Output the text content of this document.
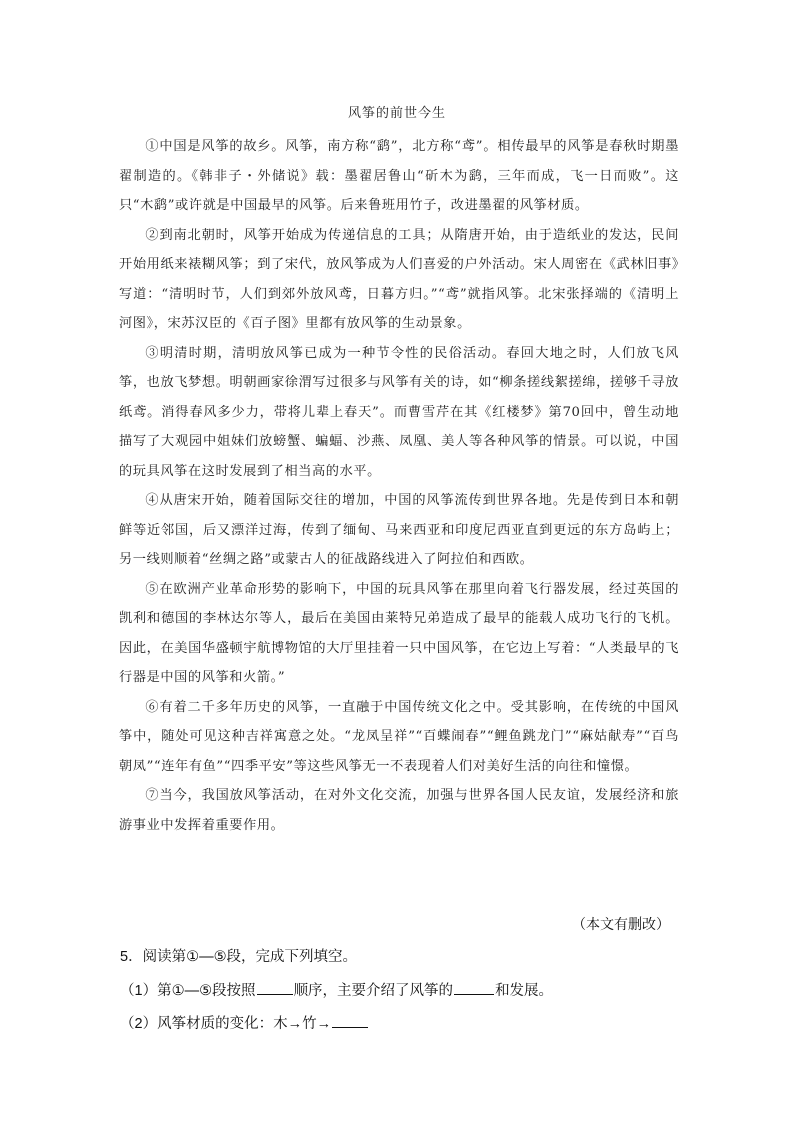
风筝的前世今生

①中国是风筝的故乡。风筝，南方称“鹞”，北方称“鸢”。相传最早的风筝是春秋时期墨翟制造的。《韩非子・外储说》载：墨翟居鲁山“斫木为鹞，三年而成，飞一日而败”。这只“木鹞”或许就是中国最早的风筝。后来鲁班用竹子，改进墨翟的风筝材质。

②到南北朝时，风筝开始成为传递信息的工具；从隋唐开始，由于造纸业的发达，民间开始用纸来裱糊风筝；到了宋代，放风筝成为人们喜爱的户外活动。宋人周密在《武林旧事》写道：“清明时节，人们到郊外放风鸢，日暮方归。”“鸢”就指风筝。北宋张择端的《清明上河图》，宋苏汉臣的《百子图》里都有放风筝的生动景象。

③明清时期，清明放风筝已成为一种节令性的民俗活动。春回大地之时，人们放飞风筝，也放飞梦想。明朝画家徐渭写过很多与风筝有关的诗，如“柳条搓线絮搓绵，搓够千寻放纸鸢。消得春风多少力，带将儿辈上春天”。而曹雪芹在其《红楼梦》第70回中，曾生动地描写了大观园中姐妹们放螃蟹、蝙蝠、沙燕、凤凰、美人等各种风筝的情景。可以说，中国的玩具风筝在这时发展到了相当高的水平。

④从唐宋开始，随着国际交往的增加，中国的风筝流传到世界各地。先是传到日本和朝鲜等近邻国，后又漂洋过海，传到了缅甸、马来西亚和印度尼西亚直到更远的东方岛屿上；另一线则顺着“丝绸之路”或蒙古人的征战路线进入了阿拉伯和西欧。

⑤在欧洲产业革命形势的影响下，中国的玩具风筝在那里向着飞行器发展，经过英国的凯利和德国的李林达尔等人，最后在美国由莱特兄弟造成了最早的能载人成功飞行的飞机。因此，在美国华盛顿宇航博物馆的大厅里挂着一只中国风筝，在它边上写着：“人类最早的飞行器是中国的风筝和火箭。”

⑥有着二千多年历史的风筝，一直融于中国传统文化之中。受其影响，在传统的中国风筝中，随处可见这种吉祥寓意之处。“龙凤呈祥”“百蝶闹春”“鲤鱼跳龙门”“麻姑献寿”“百鸟朝凤”“连年有鱼”“四季平安”等这些风筝无一不表现着人们对美好生活的向往和憧憬。

⑦当今，我国放风筝活动，在对外文化交流，加强与世界各国人民友谊，发展经济和旅游事业中发挥着重要作用。

（本文有删改）
5．阅读第①—⑤段，完成下列填空。
（1）第①—⑤段按照	顺序，主要介绍了风筝的	和发展。
（2）风筝材质的变化：木→竹→
